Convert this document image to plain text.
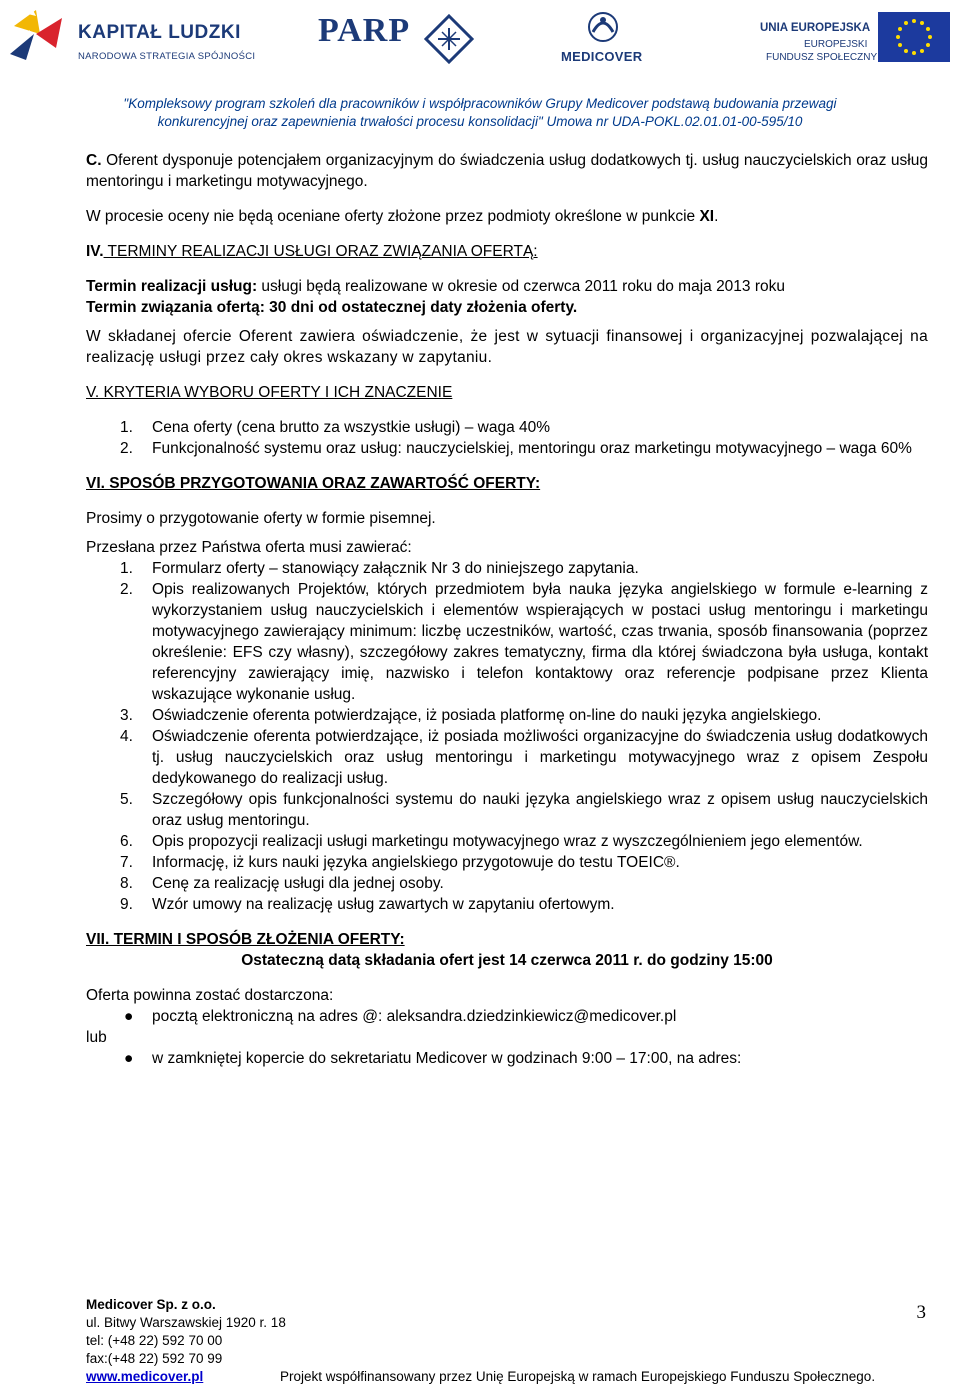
KAPITAŁ LUDZKI
NARODOWA STRATEGIA SPÓJNOŚCI
PARP
MEDICOVER
UNIA EUROPEJSKA
EUROPEJSKI
FUNDUSZ SPOŁECZNY
"Kompleksowy program szkoleń dla pracowników i współpracowników Grupy Medicover podstawą budowania przewagi
konkurencyjnej oraz zapewnienia trwałości procesu konsolidacji" Umowa nr UDA-POKL.02.01.01-00-595/10

C. Oferent dysponuje potencjałem organizacyjnym do świadczenia usług dodatkowych tj. usług nauczycielskich oraz usług mentoringu i marketingu motywacyjnego.

W procesie oceny nie będą oceniane oferty złożone przez podmioty określone w punkcie XI.

IV. TERMINY REALIZACJI USŁUGI ORAZ ZWIĄZANIA OFERTĄ:

Termin realizacji usług: usługi będą realizowane w okresie od czerwca 2011 roku do maja 2013 roku

Termin związania ofertą: 30 dni od ostatecznej daty złożenia oferty.

W składanej ofercie Oferent zawiera oświadczenie, że jest w sytuacji finansowej i organizacyjnej pozwalającej na realizację usługi przez cały okres wskazany w zapytaniu.

V. KRYTERIA WYBORU OFERTY I ICH ZNACZENIE

1.	Cena oferty (cena brutto za wszystkie usługi) – waga 40%
2.	Funkcjonalność systemu oraz usług: nauczycielskiej, mentoringu oraz marketingu motywacyjnego – waga 60%

VI. SPOSÓB PRZYGOTOWANIA ORAZ ZAWARTOŚĆ OFERTY:

Prosimy o przygotowanie oferty w formie pisemnej.

Przesłana przez Państwa oferta musi zawierać:

1.	Formularz oferty – stanowiący załącznik Nr 3 do niniejszego zapytania.
2.	Opis realizowanych Projektów, których przedmiotem była nauka języka angielskiego w formule e-learning z wykorzystaniem usług nauczycielskich i elementów wspierających w postaci usług mentoringu i marketingu motywacyjnego zawierający minimum: liczbę uczestników, wartość, czas trwania, sposób finansowania (poprzez określenie: EFS czy własny), szczegółowy zakres tematyczny, firma dla której świadczona była usługa, kontakt referencyjny zawierający imię, nazwisko i telefon kontaktowy oraz referencje podpisane przez Klienta wskazujące wykonanie usług.
3.	Oświadczenie oferenta potwierdzające, iż posiada platformę on-line do nauki języka angielskiego.
4.	Oświadczenie oferenta potwierdzające, iż posiada możliwości organizacyjne do świadczenia usług dodatkowych tj. usług nauczycielskich oraz usług mentoringu i marketingu motywacyjnego wraz z opisem Zespołu dedykowanego do realizacji usług.
5.	Szczegółowy opis funkcjonalności systemu do nauki języka angielskiego wraz z opisem usług nauczycielskich oraz usług mentoringu.
6.	Opis propozycji realizacji usługi marketingu motywacyjnego wraz z wyszczególnieniem jego elementów.
7.	Informację, iż kurs nauki języka angielskiego przygotowuje do testu TOEIC®.
8.	Cenę za realizację usługi dla jednej osoby.
9.	Wzór umowy na realizację usług zawartych w zapytaniu ofertowym.

VII. TERMIN I SPOSÓB ZŁOŻENIA OFERTY:

Ostateczną datą składania ofert jest 14 czerwca 2011 r. do godziny 15:00

Oferta powinna zostać dostarczona:

● pocztą elektroniczną na adres @: aleksandra.dziedzinkiewicz@medicover.pl

lub

● w zamkniętej kopercie do sekretariatu Medicover w godzinach 9:00 – 17:00, na adres:
Medicover Sp. z o.o.
ul. Bitwy Warszawskiej 1920 r. 18
tel: (+48 22) 592 70 00
fax:(+48 22) 592 70 99
www.medicover.pl	Projekt współfinansowany przez Unię Europejską w ramach Europejskiego Funduszu Społecznego.
3
